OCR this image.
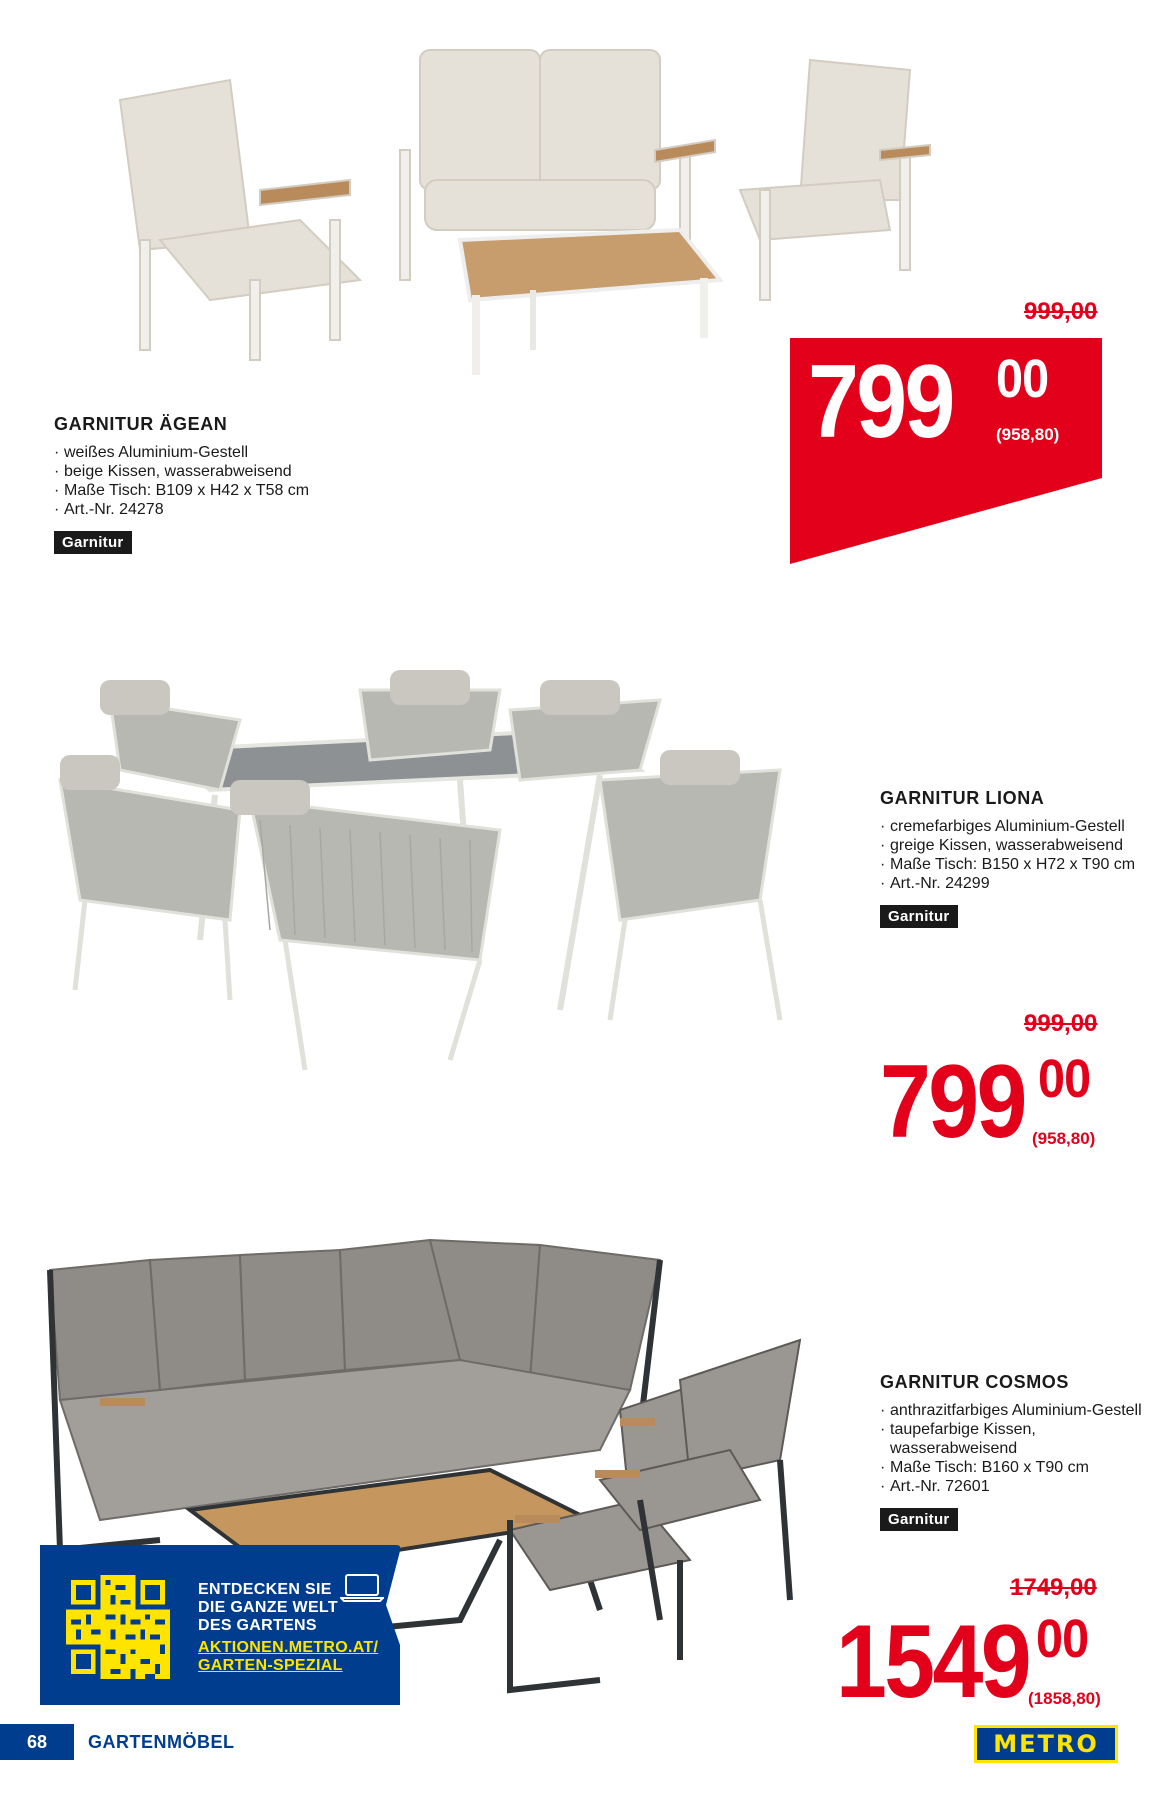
GARNITUR ÄGEAN
· weißes Aluminium-Gestell
· beige Kissen, wasserabweisend
· Maße Tisch: B109 x H42 x T58 cm
· Art.-Nr. 24278
Garnitur
999,00
799 00
(958,80)
GARNITUR LIONA
· cremefarbiges Aluminium-Gestell
· greige Kissen, wasserabweisend
· Maße Tisch: B150 x H72 x T90 cm
· Art.-Nr. 24299
Garnitur
999,00
799 00
(958,80)
GARNITUR COSMOS
· anthrazitfarbiges Aluminium-Gestell
· taupefarbige Kissen, wasserabweisend
· Maße Tisch: B160 x T90 cm
· Art.-Nr. 72601
Garnitur
1749,00
1549 00
(1858,80)
ENTDECKEN SIE
DIE GANZE WELT
DES GARTENS
AKTIONEN.METRO.AT/
GARTEN-SPEZIAL
68	GARTENMÖBEL	METRO
